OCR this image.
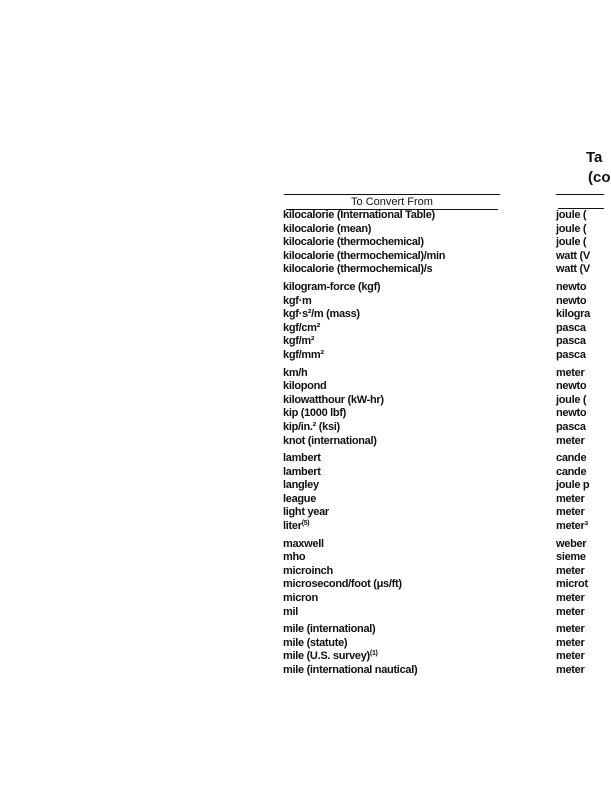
Ta
(co
To Convert From
kilocalorie (International Table)	joule (
kilocalorie (mean)	joule (
kilocalorie (thermochemical)	joule (
kilocalorie (thermochemical)/min	watt (V
kilocalorie (thermochemical)/s	watt (V
kilogram-force (kgf)	newto
kgf·m	newto
kgf·s²/m (mass)	kilogra
kgf/cm²	pasca
kgf/m²	pasca
kgf/mm²	pasca
km/h	meter
kilopond	newto
kilowatthour (kW-hr)	joule (
kip (1000 lbf)	newto
kip/in.² (ksi)	pasca
knot (international)	meter
lambert	cande
lambert	cande
langley	joule p
league	meter
light year	meter
liter$^{(5)}$	meter³
maxwell	weber
mho	sieme
microinch	meter
microsecond/foot (μs/ft)	microt
micron	meter
mil	meter
mile (international)	meter
mile (statute)	meter
mile (U.S. survey)$^{(1)}$	meter
mile (international nautical)	meter
